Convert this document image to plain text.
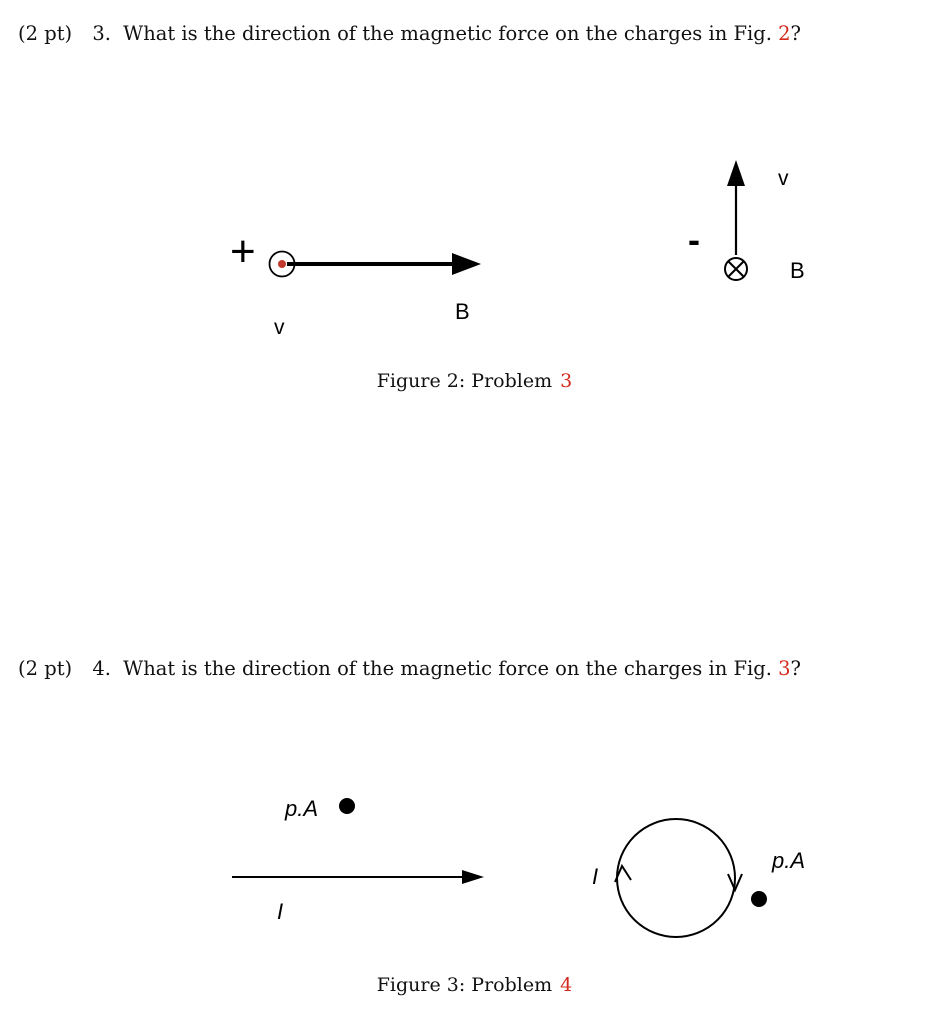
(2 pt) 3. What is the direction of the magnetic force on the charges in Fig. 2?
+
v
B
-
v
B
Figure 2: Problem 3
(2 pt) 4. What is the direction of the magnetic force on the charges in Fig. 3?
p.A
I
I
p.A
Figure 3: Problem 4
